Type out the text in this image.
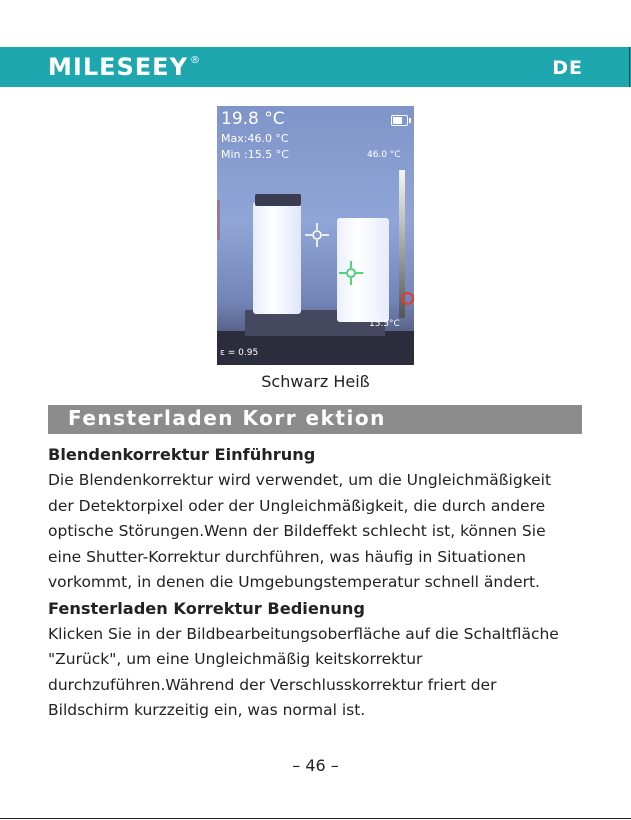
MILESEEY ®	DE
19.8 °C
Max:46.0 °C
Min :15.5 °C	46.0 °C
15.5°C
ε = 0.95
Schwarz Heiß
Fensterladen Korr ektion
Blendenkorrektur Einführung

Die Blendenkorrektur wird verwendet, um die Ungleichmäßigkeit

der Detektorpixel oder der Ungleichmäßigkeit, die durch andere

optische Störungen.Wenn der Bildeffekt schlecht ist, können Sie

eine Shutter-Korrektur durchführen, was häufig in Situationen

vorkommt, in denen die Umgebungstemperatur schnell ändert.

Fensterladen Korrektur Bedienung

Klicken Sie in der Bildbearbeitungsoberfläche auf die Schaltfläche

"Zurück", um eine Ungleichmäßig keitskorrektur

durchzuführen.Während der Verschlusskorrektur friert der

Bildschirm kurzzeitig ein, was normal ist.

– 46 –
